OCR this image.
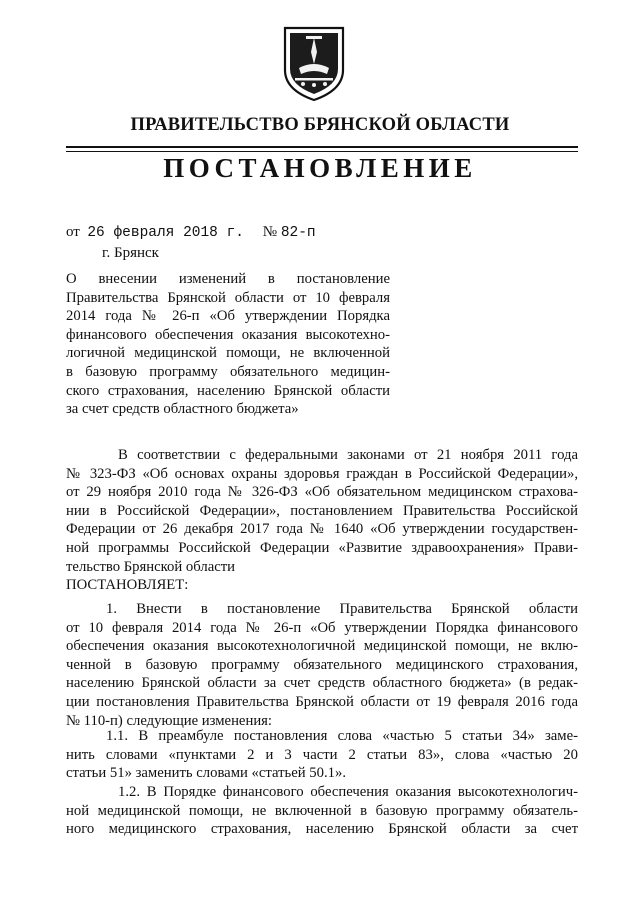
ПРАВИТЕЛЬСТВО БРЯНСКОЙ ОБЛАСТИ
ПОСТАНОВЛЕНИЕ
от 26 февраля 2018 г. № 82-п
г. Брянск
О внесении изменений в постановление
Правительства Брянской области от 10 февраля
2014 года № 26-п «Об утверждении Порядка
финансового обеспечения оказания высокотехно-
логичной медицинской помощи, не включенной
в базовую программу обязательного медицин-
ского страхования, населению Брянской области
за счет средств областного бюджета»
В соответствии с федеральными законами от 21 ноября 2011 года
№ 323-ФЗ «Об основах охраны здоровья граждан в Российской Федерации»,
от 29 ноября 2010 года № 326-ФЗ «Об обязательном медицинском страхова-
нии в Российской Федерации», постановлением Правительства Российской
Федерации от 26 декабря 2017 года № 1640 «Об утверждении государствен-
ной программы Российской Федерации «Развитие здравоохранения» Прави-
тельство Брянской области
ПОСТАНОВЛЯЕТ:
1. Внести в постановление Правительства Брянской области
от 10 февраля 2014 года № 26-п «Об утверждении Порядка финансового
обеспечения оказания высокотехнологичной медицинской помощи, не вклю-
ченной в базовую программу обязательного медицинского страхования,
населению Брянской области за счет средств областного бюджета» (в редак-
ции постановления Правительства Брянской области от 19 февраля 2016 года
№ 110-п) следующие изменения:
1.1. В преамбуле постановления слова «частью 5 статьи 34» заме-
нить словами «пунктами 2 и 3 части 2 статьи 83», слова «частью 20
статьи 51» заменить словами «статьей 50.1».
1.2. В Порядке финансового обеспечения оказания высокотехнологич-
ной медицинской помощи, не включенной в базовую программу обязатель-
ного медицинского страхования, населению Брянской области за счет
